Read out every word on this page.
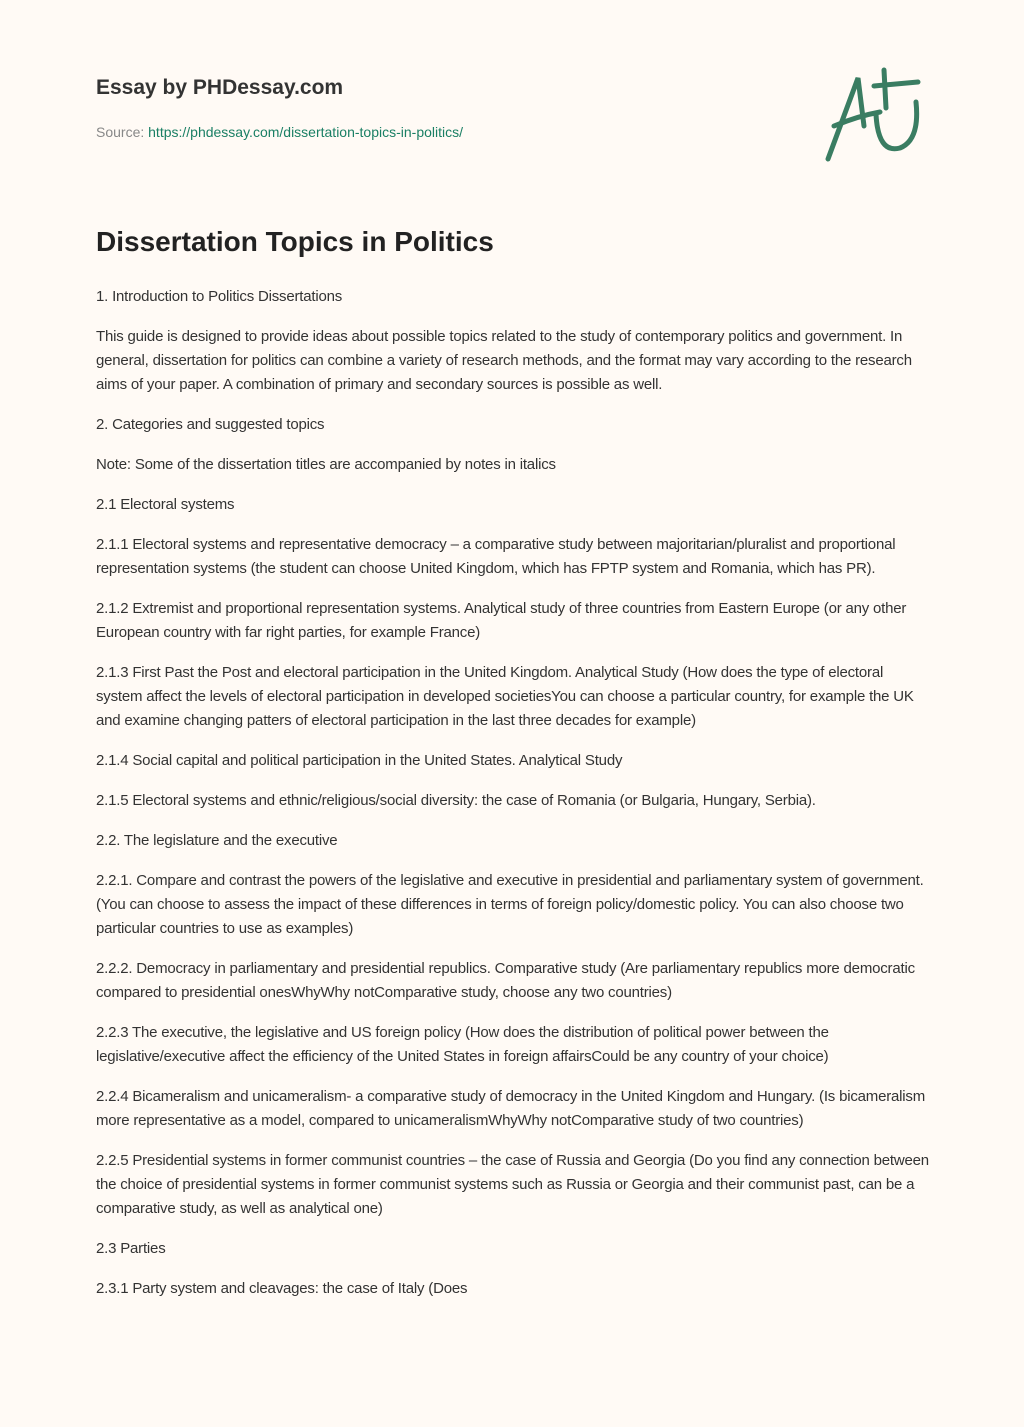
Essay by PHDessay.com
Source: https://phdessay.com/dissertation-topics-in-politics/
Dissertation Topics in Politics

1. Introduction to Politics Dissertations

This guide is designed to provide ideas about possible topics related to the study of contemporary politics and government. In general, dissertation for politics can combine a variety of research methods, and the format may vary according to the research aims of your paper. A combination of primary and secondary sources is possible as well.

2. Categories and suggested topics

Note: Some of the dissertation titles are accompanied by notes in italics

2.1 Electoral systems

2.1.1 Electoral systems and representative democracy – a comparative study between majoritarian/pluralist and proportional representation systems (the student can choose United Kingdom, which has FPTP system and Romania, which has PR).

2.1.2 Extremist and proportional representation systems. Analytical study of three countries from Eastern Europe (or any other European country with far right parties, for example France)

2.1.3 First Past the Post and electoral participation in the United Kingdom. Analytical Study (How does the type of electoral system affect the levels of electoral participation in developed societiesYou can choose a particular country, for example the UK and examine changing patters of electoral participation in the last three decades for example)

2.1.4 Social capital and political participation in the United States. Analytical Study

2.1.5 Electoral systems and ethnic/religious/social diversity: the case of Romania (or Bulgaria, Hungary, Serbia).

2.2. The legislature and the executive

2.2.1. Compare and contrast the powers of the legislative and executive in presidential and parliamentary system of government. (You can choose to assess the impact of these differences in terms of foreign policy/domestic policy. You can also choose two particular countries to use as examples)

2.2.2. Democracy in parliamentary and presidential republics. Comparative study (Are parliamentary republics more democratic compared to presidential onesWhyWhy notComparative study, choose any two countries)

2.2.3 The executive, the legislative and US foreign policy (How does the distribution of political power between the legislative/executive affect the efficiency of the United States in foreign affairsCould be any country of your choice)

2.2.4 Bicameralism and unicameralism- a comparative study of democracy in the United Kingdom and Hungary. (Is bicameralism more representative as a model, compared to unicameralismWhyWhy notComparative study of two countries)

2.2.5 Presidential systems in former communist countries – the case of Russia and Georgia (Do you find any connection between the choice of presidential systems in former communist systems such as Russia or Georgia and their communist past, can be a comparative study, as well as analytical one)

2.3 Parties

2.3.1 Party system and cleavages: the case of Italy (Does
